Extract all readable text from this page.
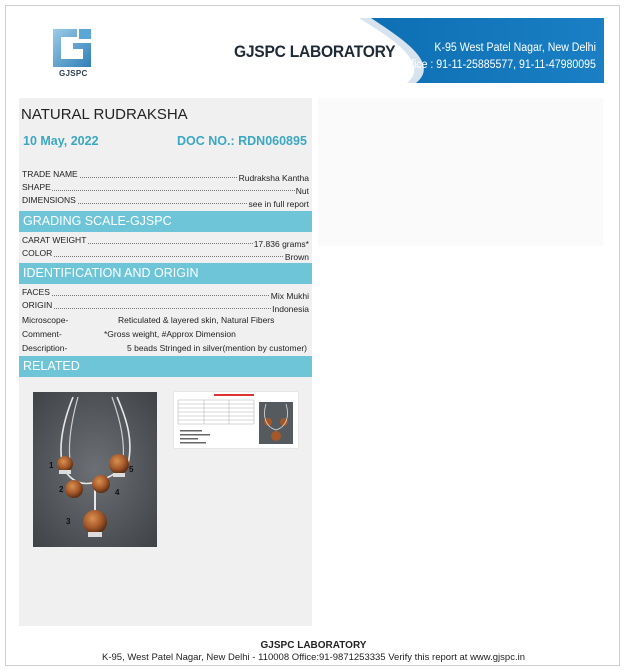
GJSPC
GJSPC LABORATORY	K-95 West Patel Nagar, New Delhi
Office : 91-11-25885577, 91-11-47980095
NATURAL RUDRAKSHA
10 May, 2022	DOC NO.: RDN060895
TRADE NAME	Rudraksha Kantha
SHAPE	Nut
DIMENSIONS	see in full report
GRADING SCALE-GJSPC
CARAT WEIGHT	17.836 grams*
COLOR	Brown
IDENTIFICATION AND ORIGIN
FACES	Mix Mukhi
ORIGIN	Indonesia
Microscope-	Reticulated & layered skin, Natural Fibers
Comment-	*Gross weight, #Approx Dimension
Description-	5 beads Stringed in silver(mention by customer)
RELATED
1
2
3
4
5
GJSPC LABORATORY
K-95, West Patel Nagar, New Delhi - 110008 Office:91-9871253335 Verify this report at www.gjspc.in
